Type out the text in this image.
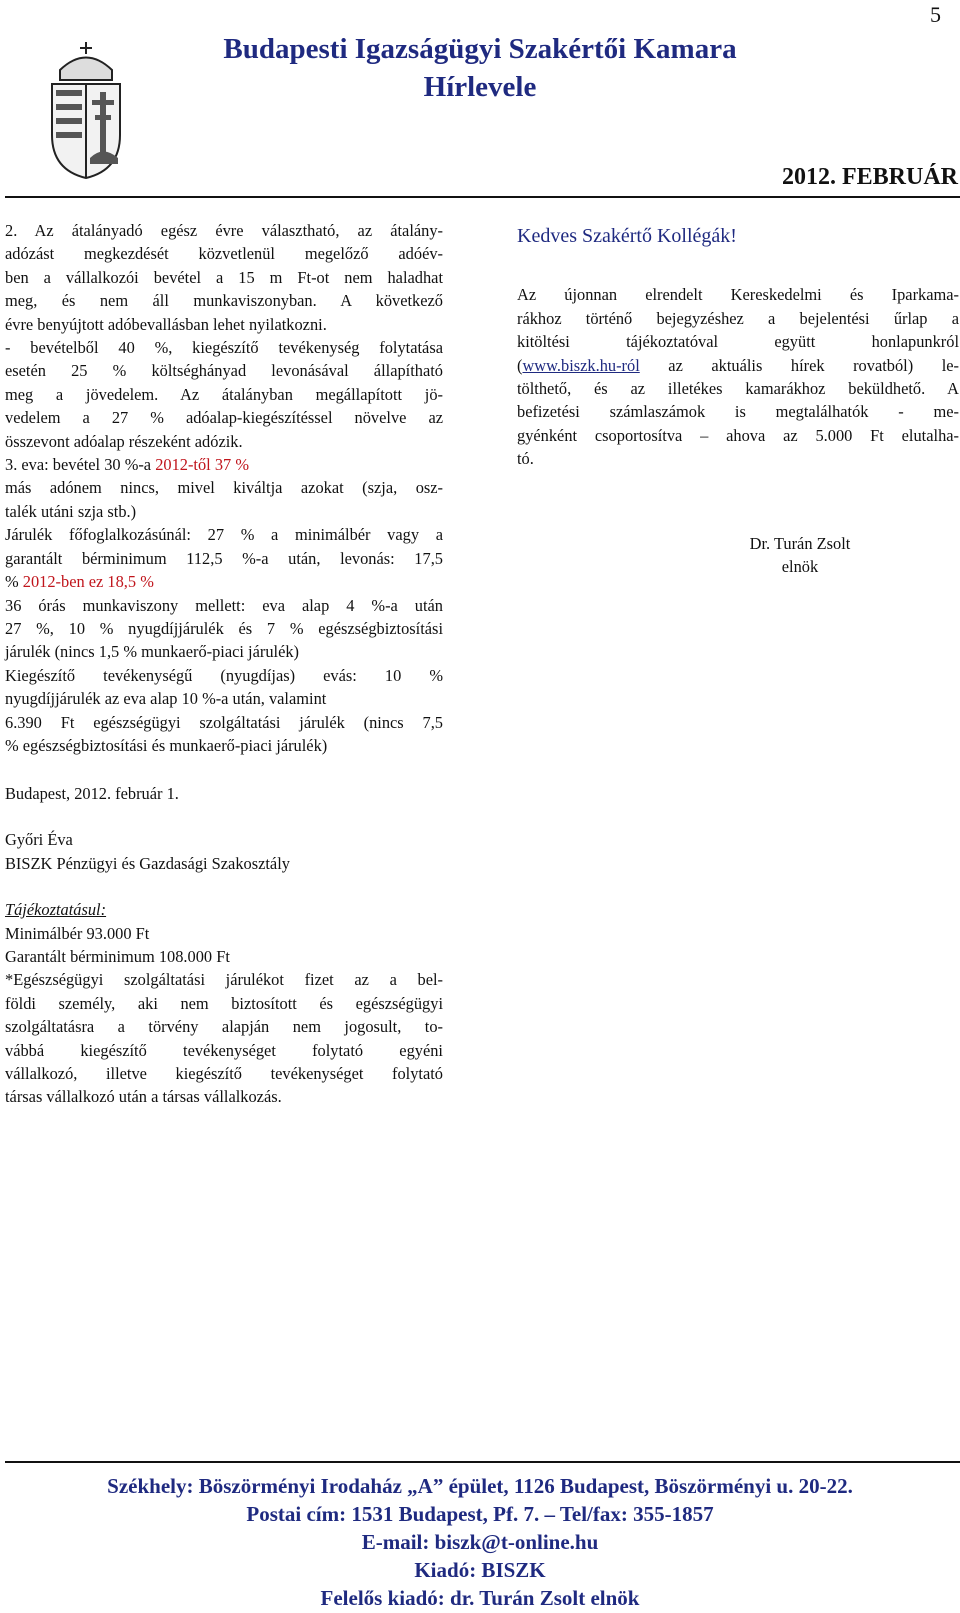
5
Budapesti Igazságügyi Szakértői Kamara
Hírlevele
2012. FEBRUÁR

2. Az átalányadó egész évre választható, az átalány-
adózást megkezdését közvetlenül megelőző adóév-
ben a vállalkozói bevétel a 15 m Ft-ot nem haladhat
meg, és nem áll munkaviszonyban. A következő
évre benyújtott adóbevallásban lehet nyilatkozni.

- bevételből 40 %, kiegészítő tevékenység folytatása
esetén 25 % költséghányad levonásával állapítható
meg a jövedelem. Az átalányban megállapított jö-
vedelem a 27 % adóalap-kiegészítéssel növelve az
összevont adóalap részeként adózik.

3. eva: bevétel 30 %-a 2012-től 37 %
más adónem nincs, mivel kiváltja azokat (szja, osz-
talék utáni szja stb.)

Járulék főfoglalkozásúnál: 27 % a minimálbér vagy a
garantált bérminimum 112,5 %-a után, levonás: 17,5
% 2012-ben ez 18,5 %

36 órás munkaviszony mellett: eva alap 4 %-a után
27 %, 10 % nyugdíjjárulék és 7 % egészségbiztosítási
járulék (nincs 1,5 % munkaerő-piaci járulék)
Kiegészítő tevékenységű (nyugdíjas) evás: 10 %
nyugdíjjárulék az eva alap 10 %-a után, valamint
6.390 Ft egészségügyi szolgáltatási járulék (nincs 7,5
% egészségbiztosítási és munkaerő-piaci járulék)

Kedves Szakértő Kollégák!

Az újonnan elrendelt Kereskedelmi és Iparkama-
rákhoz történő bejegyzéshez a bejelentési űrlap a
kitöltési tájékoztatóval együtt honlapunkról
(www.biszk.hu-ról az aktuális hírek rovatból) le-
tölthető, és az illetékes kamarákhoz beküldhető. A
befizetési számlaszámok is megtalálhatók - me-
gyénként csoportosítva – ahova az 5.000 Ft elutalha-
tó.

Dr. Turán Zsolt
elnök

Budapest, 2012. február 1.

Győri Éva

BISZK Pénzügyi és Gazdasági Szakosztály

Tájékoztatásul:

Minimálbér 93.000 Ft

Garantált bérminimum 108.000 Ft

*Egészségügyi szolgáltatási járulékot fizet az a bel-
földi személy, aki nem biztosított és egészségügyi
szolgáltatásra a törvény alapján nem jogosult, to-
vábbá kiegészítő tevékenységet folytató egyéni
vállalkozó, illetve kiegészítő tevékenységet folytató
társas vállalkozó után a társas vállalkozás.

Székhely: Böszörményi Irodaház „A” épület, 1126 Budapest, Böszörményi u. 20-22.
Postai cím: 1531 Budapest, Pf. 7. – Tel/fax: 355-1857
E-mail: biszk@t-online.hu
Kiadó: BISZK
Felelős kiadó: dr. Turán Zsolt elnök
